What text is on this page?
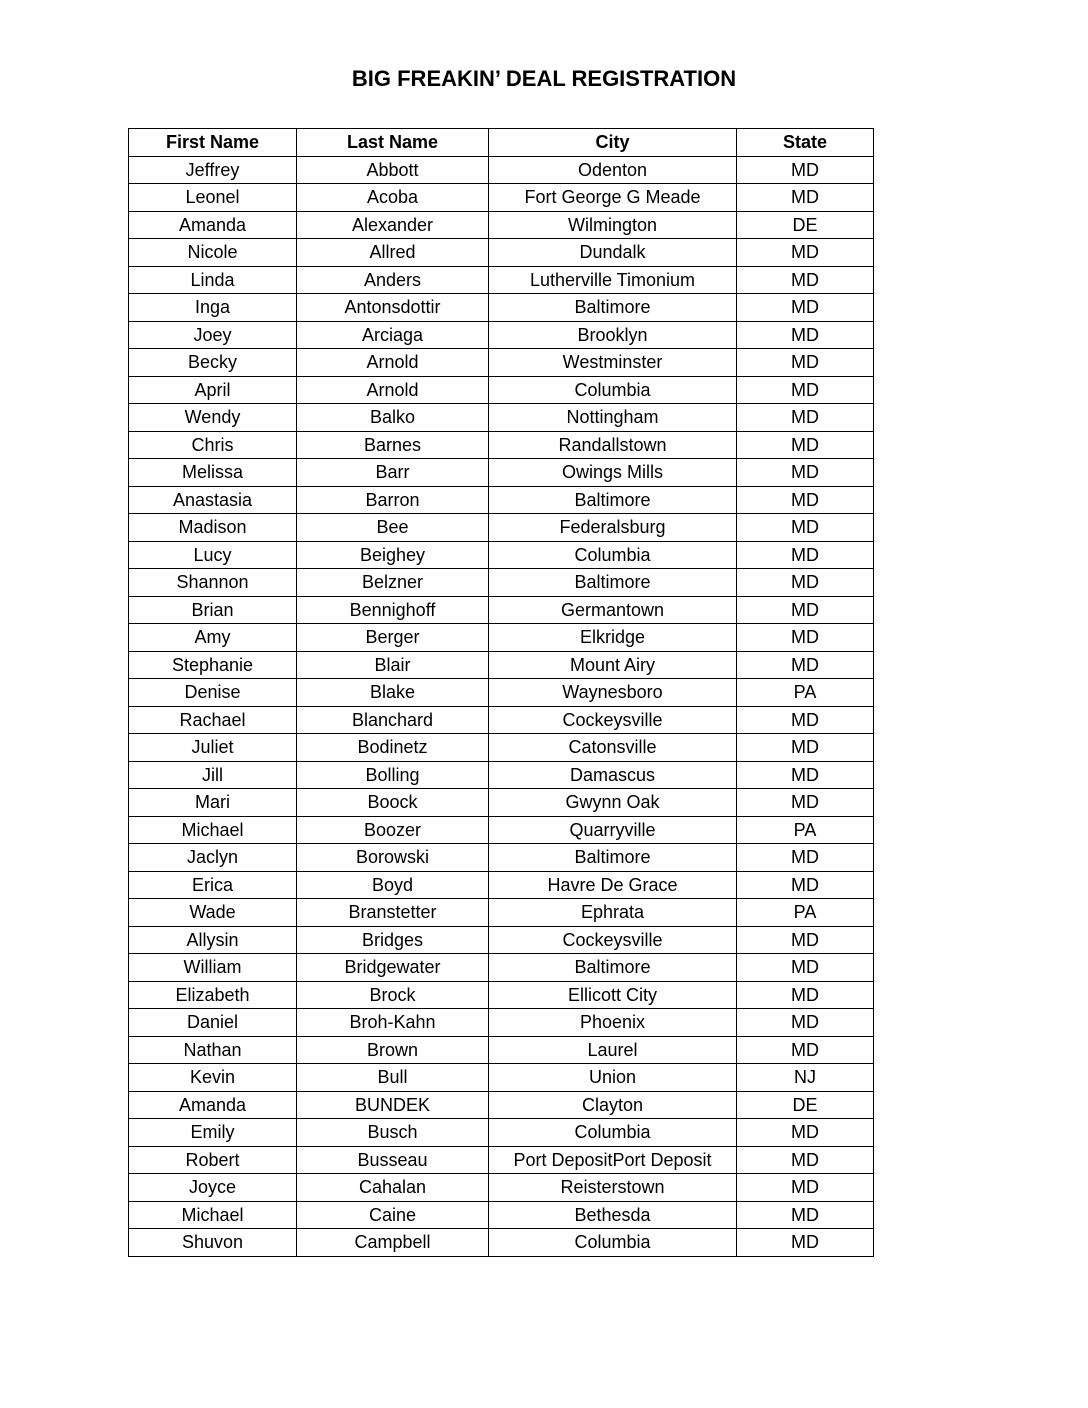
BIG FREAKIN’ DEAL REGISTRATION
First Name	Last Name	City	State
Jeffrey	Abbott	Odenton	MD
Leonel	Acoba	Fort George G Meade	MD
Amanda	Alexander	Wilmington	DE
Nicole	Allred	Dundalk	MD
Linda	Anders	Lutherville Timonium	MD
Inga	Antonsdottir	Baltimore	MD
Joey	Arciaga	Brooklyn	MD
Becky	Arnold	Westminster	MD
April	Arnold	Columbia	MD
Wendy	Balko	Nottingham	MD
Chris	Barnes	Randallstown	MD
Melissa	Barr	Owings Mills	MD
Anastasia	Barron	Baltimore	MD
Madison	Bee	Federalsburg	MD
Lucy	Beighey	Columbia	MD
Shannon	Belzner	Baltimore	MD
Brian	Bennighoff	Germantown	MD
Amy	Berger	Elkridge	MD
Stephanie	Blair	Mount Airy	MD
Denise	Blake	Waynesboro	PA
Rachael	Blanchard	Cockeysville	MD
Juliet	Bodinetz	Catonsville	MD
Jill	Bolling	Damascus	MD
Mari	Boock	Gwynn Oak	MD
Michael	Boozer	Quarryville	PA
Jaclyn	Borowski	Baltimore	MD
Erica	Boyd	Havre De Grace	MD
Wade	Branstetter	Ephrata	PA
Allysin	Bridges	Cockeysville	MD
William	Bridgewater	Baltimore	MD
Elizabeth	Brock	Ellicott City	MD
Daniel	Broh-Kahn	Phoenix	MD
Nathan	Brown	Laurel	MD
Kevin	Bull	Union	NJ
Amanda	BUNDEK	Clayton	DE
Emily	Busch	Columbia	MD
Robert	Busseau	Port DepositPort Deposit	MD
Joyce	Cahalan	Reisterstown	MD
Michael	Caine	Bethesda	MD
Shuvon	Campbell	Columbia	MD
